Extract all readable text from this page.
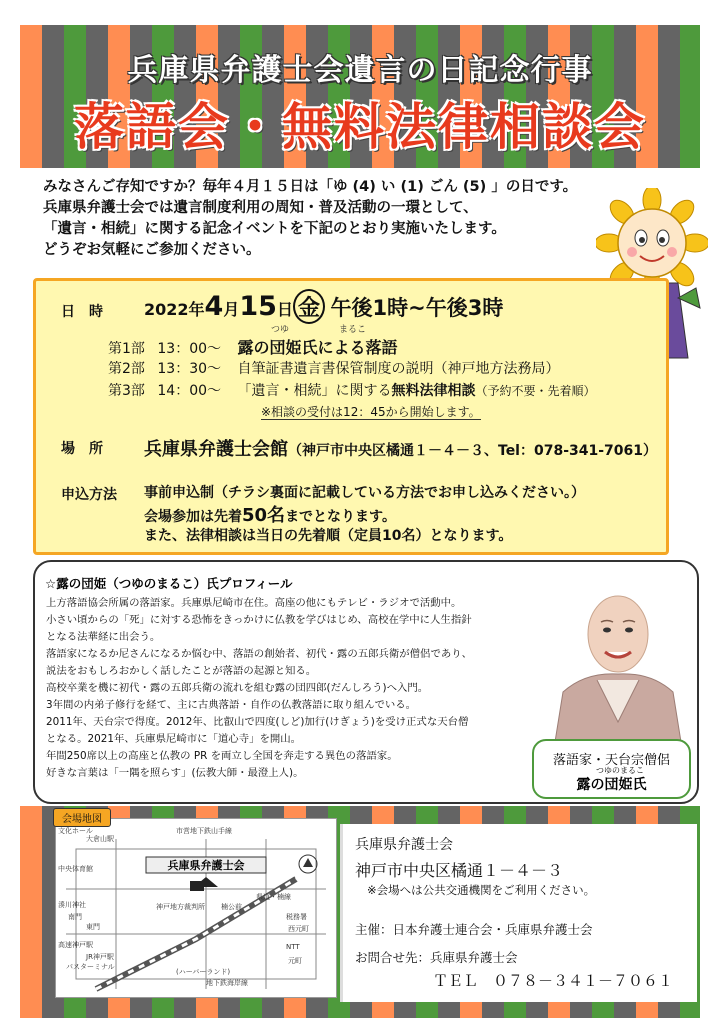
兵庫県弁護士会遺言の日記念行事
落語会・無料法律相談会
みなさんご存知ですか？毎年４月１５日は「ゆ (4) い (1) ごん (5) 」の日です。
兵庫県弁護士会では遺言制度利用の周知・普及活動の一環として、
「遺言・相続」に関する記念イベントを下記のとおり実施いたします。
どうぞお気軽にご参加ください。
日　時	2022年4月15日 金 午後1時~午後3時
つゆ	まるこ
第1部 13：00～ 露の団姫氏による落語
第2部 13：30～ 自筆証書遺言書保管制度の説明（神戸地方法務局）
第3部 14：00～ 「遺言・相続」に関する無料法律相談（予約不要・先着順）
※相談の受付は12：45から開始します。
場　所 兵庫県弁護士会館（神戸市中央区橘通１－４－３、Tel：078-341-7061）
申込方法 事前申込制（チラシ裏面に記載している方法でお申し込みください。）
会場参加は先着50名までとなります。
また、法律相談は当日の先着順（定員10名）となります。
☆露の団姫（つゆのまるこ）氏プロフィール
上方落語協会所属の落語家。兵庫県尼崎市在住。高座の他にもテレビ・ラジオで活動中。
小さい頃からの「死」に対する恐怖をきっかけに仏教を学びはじめ、高校在学中に人生指針
となる法華経に出会う。
落語家になるか尼さんになるか悩む中、落語の創始者、初代・露の五郎兵衛が僧侶であり、
説法をおもしろおかしく話したことが落語の起源と知る。
高校卒業を機に初代・露の五郎兵衛の流れを組む露の団四郎(だんしろう)へ入門。
3年間の内弟子修行を経て、主に古典落語・自作の仏教落語に取り組んでいる。
2011年、天台宗で得度。2012年、比叡山で四度(しど)加行(けぎょう)を受け正式な天台僧
となる。2021年、兵庫県尼崎市に「道心寺」を開山。
年間250席以上の高座と仏教の PR を両立し全国を奔走する異色の落語家。
好きな言葉は「一隅を照らす」(伝教大師・最澄上人)。
落語家・天台宗僧侶
つゆのまるこ
露の団姫氏
兵庫県弁護士会
文化ホール
大倉山駅
中央体育館
湊川神社
南門
JR神戸駅
神戸地方裁判所 楠公前
高速神戸駅
県道・楠線
地下鉄海岸線
市営地下鉄山手線
税務署
NTT
東門
パスターミナル
西元町
元町
(ハーバーランド)
会場地図
兵庫県弁護士会
神戸市中央区橘通１－４－３
※会場へは公共交通機関をご利用ください。
主催：日本弁護士連合会・兵庫県弁護士会
お問合せ先：兵庫県弁護士会
ＴＥＬ　０７８－３４１－７０６１
